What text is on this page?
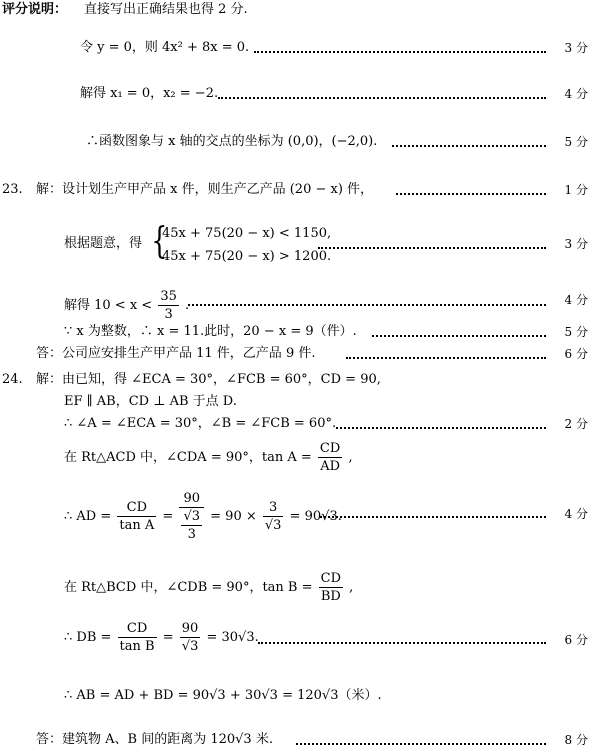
评分说明： 直接写出正确结果也得 2 分.
令 y = 0，则 4x² + 8x = 0.	3 分
解得 x₁ = 0，x₂ = −2.	4 分
∴函数图象与 x 轴的交点的坐标为 (0,0)，(−2,0).	5 分
23. 解：设计划生产甲产品 x 件，则生产乙产品 (20 − x) 件，	1 分
根据题意，得	3 分
{
45x + 75(20 − x) < 1150,
45x + 75(20 − x) > 1200.
解得 $10 < x < \frac{35}{3}$ .	4 分
∵ x 为整数，∴ x = 11.此时，20 − x = 9（件）.	5 分
答：公司应安排生产甲产品 11 件，乙产品 9 件.	6 分
24. 解：由已知，得 ∠ECA = 30°，∠FCB = 60°，CD = 90,
EF ∥ AB，CD ⊥ AB 于点 D.
∴ ∠A = ∠ECA = 30°，∠B = ∠FCB = 60°.	2 分
在 Rt△ACD 中，∠CDA = 90°，$\tan A = \frac{CD}{AD}$ ,
∴ AD = $\frac{CD}{\text{tan A}} = \frac{90}{\frac{√3}{3}} = 90 \times \frac{3}{√3} = 90√3$.	4 分
在 Rt△BCD 中，∠CDB = 90°，$\tan B = \frac{CD}{BD}$ ,
∴ DB = $\frac{CD}{\text{tan B}} = \frac{90}{√3} = 30√3$.	6 分
∴ AB = AD + BD = 90√3 + 30√3 = 120√3（米）.
答：建筑物 A、B 间的距离为 120√3 米.	8 分
